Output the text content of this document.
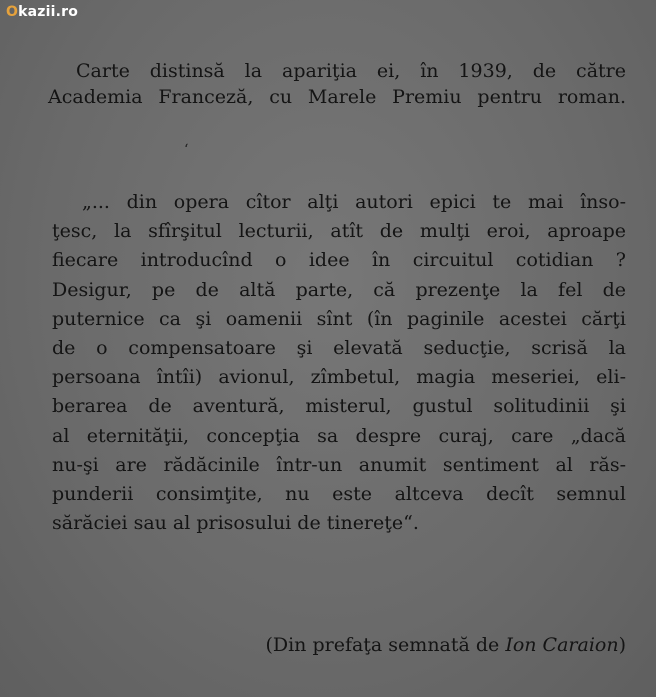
Okazii.ro

Carte distinsă la apariţia ei, în 1939, de către
Academia Franceză, cu Marele Premiu pentru roman.

ʻ

„... din opera cîtor alţi autori epici te mai înso-
ţesc, la sfîrşitul lecturii, atît de mulţi eroi, aproape
fiecare introducînd o idee în circuitul cotidian ?
Desigur, pe de altă parte, că prezenţe la fel de
puternice ca şi oamenii sînt (în paginile acestei cărţi
de o compensatoare şi elevată seducţie, scrisă la
persoana întîi) avionul, zîmbetul, magia meseriei, eli-
berarea de aventură, misterul, gustul solitudinii şi
al eternităţii, concepţia sa despre curaj, care „dacă
nu-şi are rădăcinile într-un anumit sentiment al răs-
punderii consimţite, nu este altceva decît semnul
sărăciei sau al prisosului de tinereţe“.

(Din prefaţa semnată de Ion Caraion)
